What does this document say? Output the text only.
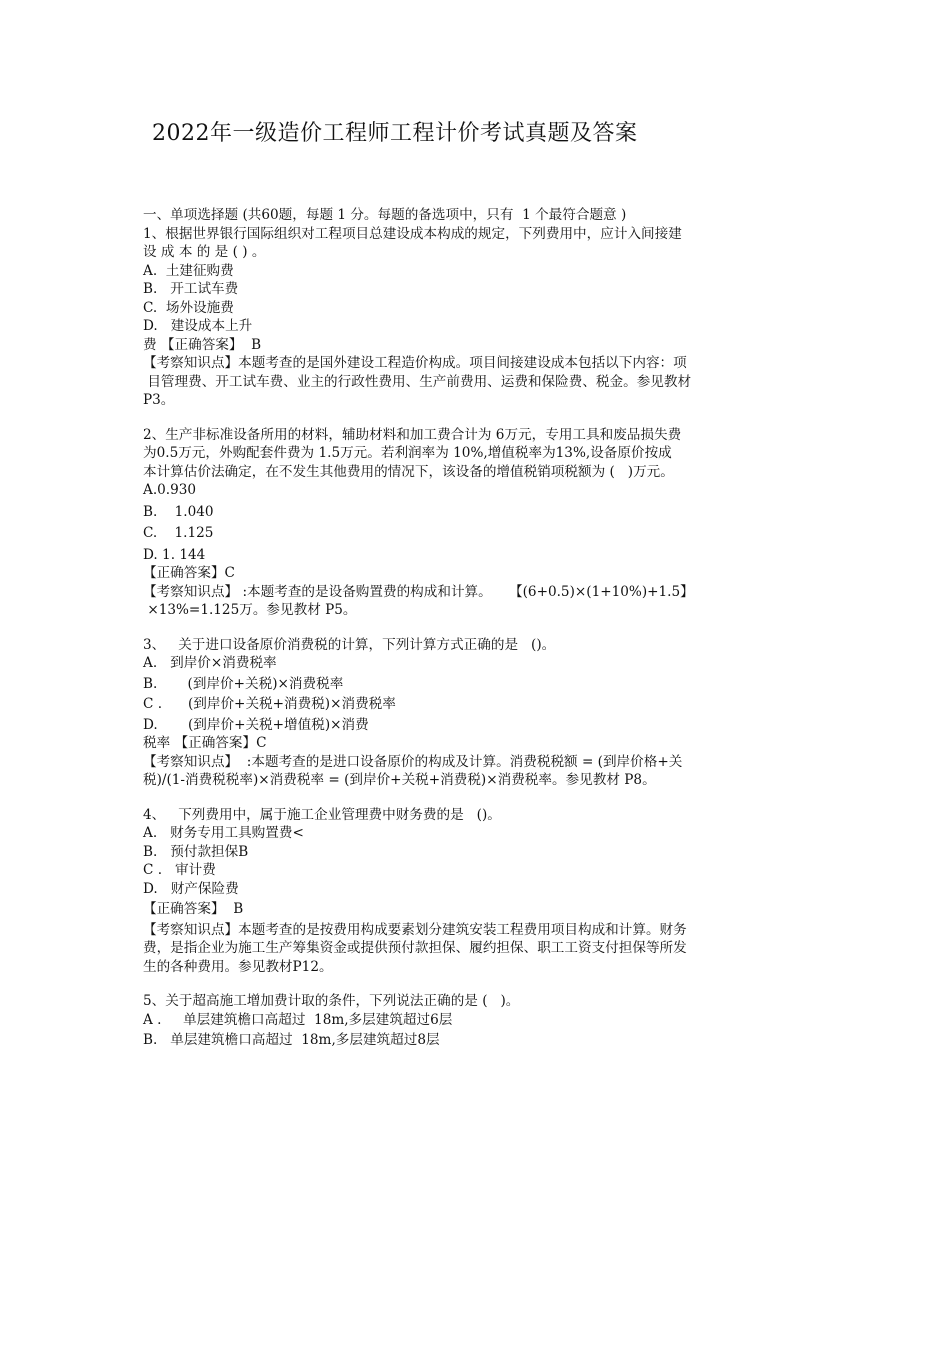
2022年一级造价工程师工程计价考试真题及答案
一、单项选择题 (共60题，每题 1 分。每题的备选项中，只有  1 个最符合题意 )
1、根据世界银行国际组织对工程项目总建设成本构成的规定，下列费用中，应计入间接建
设 成 本 的 是 ( ) 。
A.  土建征购费
B.   开工试车费
C.  场外设施费
D.   建设成本上升
费 【正确答案】  B
【考察知识点】本题考查的是国外建设工程造价构成。项目间接建设成本包括以下内容：项
目管理费、开工试车费、业主的行政性费用、生产前费用、运费和保险费、税金。参见教材
P3。
2、生产非标准设备所用的材料，辅助材料和加工费合计为 6万元，专用工具和废品损失费
为0.5万元，外购配套件费为 1.5万元。若利润率为 10%,增值税率为13%,设备原价按成
本计算估价法确定，在不发生其他费用的情况下，该设备的增值税销项税额为 (   )万元。
A.0.930
B.    1.040
C.    1.125
D. 1. 144
【正确答案】C
【考察知识点】 :本题考查的是设备购置费的构成和计算。    【(6+0.5)×(1+10%)+1.5】
×13%=1.125万。参见教材 P5。
3、   关于进口设备原价消费税的计算，下列计算方式正确的是   ()。
A.   到岸价×消费税率
B.       (到岸价+关税)×消费税率
C .      (到岸价+关税+消费税)×消费税率
D.       (到岸价+关税+增值税)×消费
税率 【正确答案】C
【考察知识点】  :本题考查的是进口设备原价的构成及计算。消费税税额 = (到岸价格+关
税)/(1-消费税税率)×消费税率 = (到岸价+关税+消费税)×消费税率。参见教材 P8。
4、   下列费用中，属于施工企业管理费中财务费的是   ()。
A.   财务专用工具购置费<
B.   预付款担保B
C .   审计费
D.   财产保险费
【正确答案】  B
【考察知识点】本题考查的是按费用构成要素划分建筑安装工程费用项目构成和计算。财务
费，是指企业为施工生产筹集资金或提供预付款担保、履约担保、职工工资支付担保等所发
生的各种费用。参见教材P12。
5、关于超高施工增加费计取的条件，下列说法正确的是 (   )。
A .     单层建筑檐口高超过  18m,多层建筑超过6层
B.   单层建筑檐口高超过  18m,多层建筑超过8层
